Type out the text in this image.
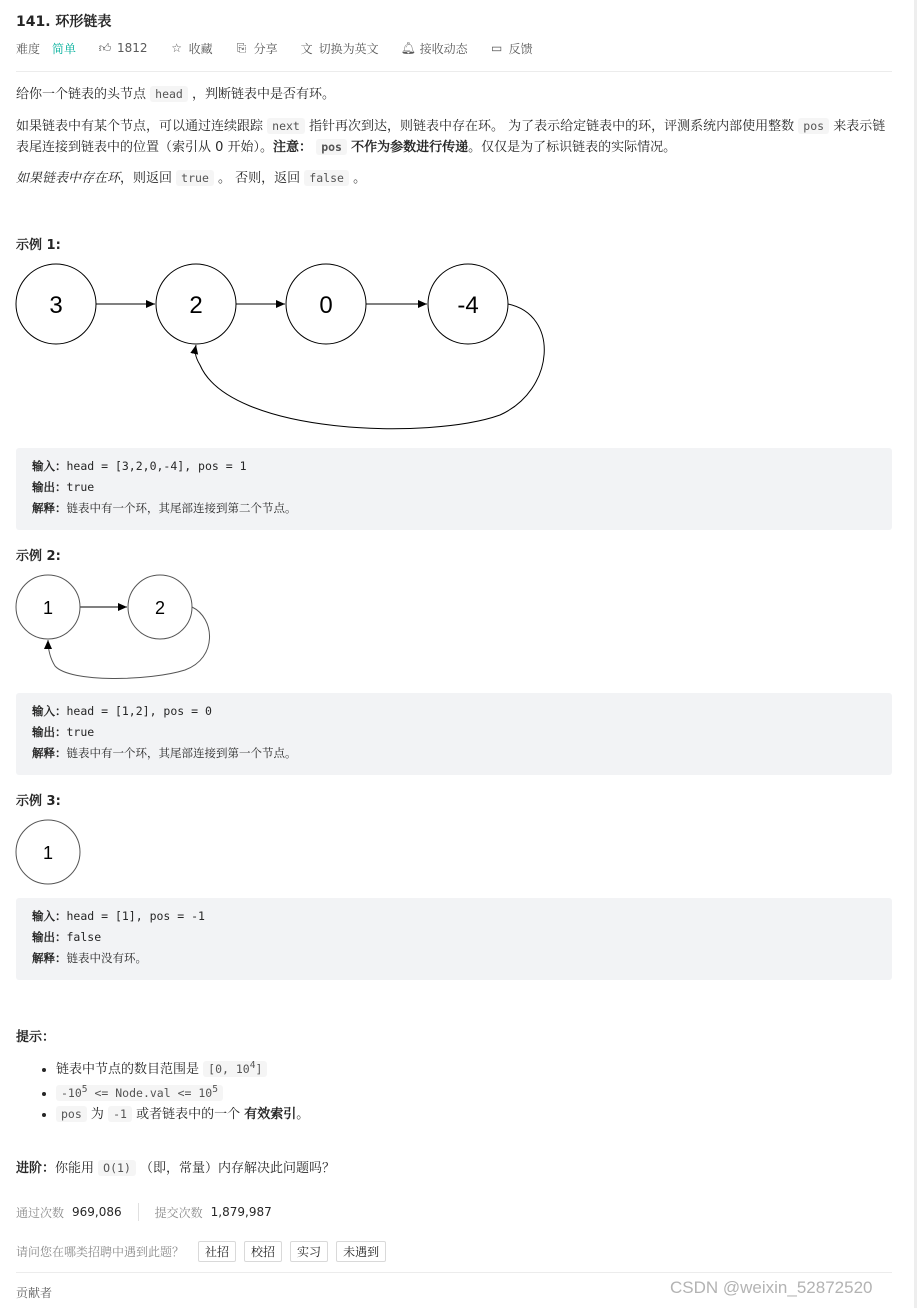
141. 环形链表
难度 简单 👍︎ 1812 ☆ 收藏 ⎘ 分享 文 切换为英文 🔔︎ 接收动态 ▭ 反馈
给你一个链表的头节点 head ，判断链表中是否有环。
如果链表中有某个节点，可以通过连续跟踪 next 指针再次到达，则链表中存在环。 为了表示给定链表中的环，评测系统内部使用整数 pos 来表示链表尾连接到链表中的位置（索引从 0 开始）。注意： pos 不作为参数进行传递。仅仅是为了标识链表的实际情况。
如果链表中存在环，则返回 true 。 否则，返回 false 。
示例 1:
3	2	0	-4
输入：head = [3,2,0,-4], pos = 1
输出：true
解释：链表中有一个环，其尾部连接到第二个节点。
示例 2:
1	2
输入：head = [1,2], pos = 0
输出：true
解释：链表中有一个环，其尾部连接到第一个节点。
示例 3:
1
输入：head = [1], pos = -1
输出：false
解释：链表中没有环。
提示：
• 链表中节点的数目范围是 [0, $10^4$]
• $-10^5$ <= Node.val <= $10^5$
• pos 为 -1 或者链表中的一个 有效索引。
进阶：你能用 O(1) （即，常量）内存解决此问题吗？
通过次数 969,086	提交次数 1,879,987
请问您在哪类招聘中遇到此题？	社招	校招	实习	未遇到
贡献者	CSDN @weixin_52872520
